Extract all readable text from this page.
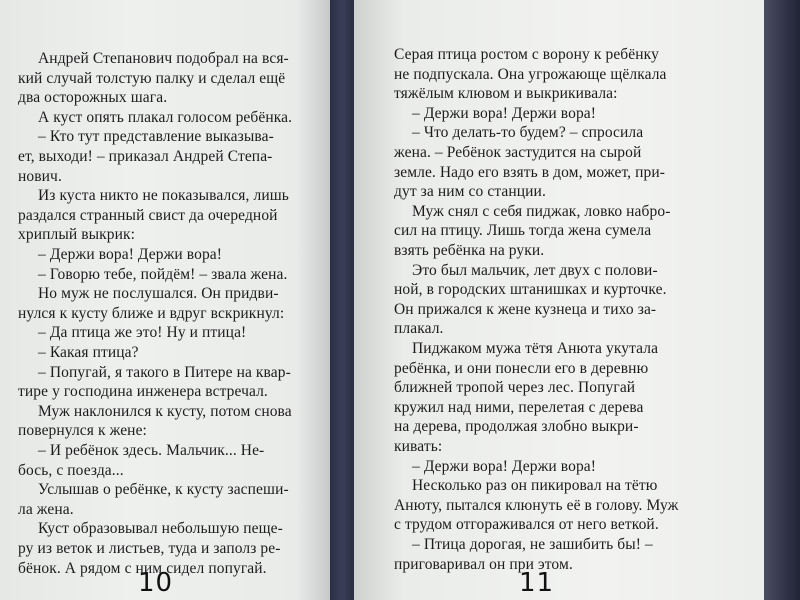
Андрей Степанович подобрал на вся-
кий случай толстую палку и сделал ещё
два осторожных шага.
А куст опять плакал голосом ребёнка.
– Кто тут представление выказыва-
ет, выходи! – приказал Андрей Степа-
нович.
Из куста никто не показывался, лишь
раздался странный свист да очередной
хриплый выкрик:
– Держи вора! Держи вора!
– Говорю тебе, пойдём! – звала жена.
Но муж не послушался. Он придви-
нулся к кусту ближе и вдруг вскрикнул:
– Да птица же это! Ну и птица!
– Какая птица?
– Попугай, я такого в Питере на квар-
тире у господина инженера встречал.
Муж наклонился к кусту, потом снова
повернулся к жене:
– И ребёнок здесь. Мальчик... Не-
бось, с поезда...
Услышав о ребёнке, к кусту заспеши-
ла жена.
Куст образовывал небольшую пеще-
ру из веток и листьев, туда и заполз ре-
бёнок. А рядом с ним сидел попугай.
10
Серая птица ростом с ворону к ребёнку
не подпускала. Она угрожающе щёлкала
тяжёлым клювом и выкрикивала:
– Держи вора! Держи вора!
– Что делать-то будем? – спросила
жена. – Ребёнок застудится на сырой
земле. Надо его взять в дом, может, при-
дут за ним со станции.
Муж снял с себя пиджак, ловко набро-
сил на птицу. Лишь тогда жена сумела
взять ребёнка на руки.
Это был мальчик, лет двух с полови-
ной, в городских штанишках и курточке.
Он прижался к жене кузнеца и тихо за-
плакал.
Пиджаком мужа тётя Анюта укутала
ребёнка, и они понесли его в деревню
ближней тропой через лес. Попугай
кружил над ними, перелетая с дерева
на дерева, продолжая злобно выкри-
кивать:
– Держи вора! Держи вора!
Несколько раз он пикировал на тётю
Анюту, пытался клюнуть её в голову. Муж
с трудом отгораживался от него веткой.
– Птица дорогая, не зашибить бы! –
приговаривал он при этом.
11
